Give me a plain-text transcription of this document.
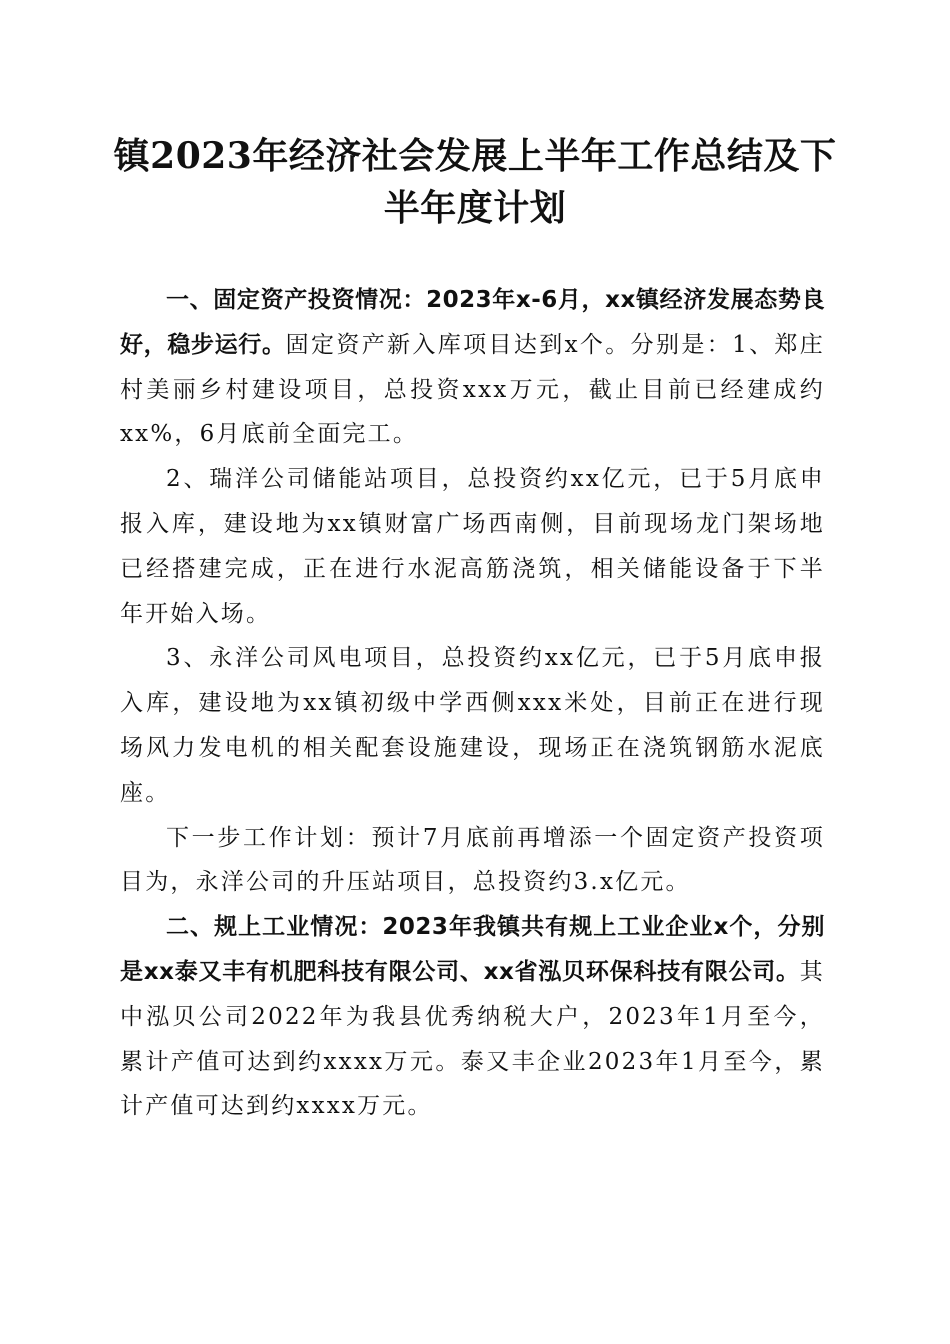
镇2023年经济社会发展上半年工作总结及下半年度计划

一、固定资产投资情况：2023年x-6月，xx镇经济发展态势良好，稳步运行。固定资产新入库项目达到x个。分别是：1、郑庄村美丽乡村建设项目，总投资xxx万元，截止目前已经建成约xx%，6月底前全面完工。

2、瑞洋公司储能站项目，总投资约xx亿元，已于5月底申报入库，建设地为xx镇财富广场西南侧，目前现场龙门架场地已经搭建完成，正在进行水泥高筋浇筑，相关储能设备于下半年开始入场。

3、永洋公司风电项目，总投资约xx亿元，已于5月底申报入库，建设地为xx镇初级中学西侧xxx米处，目前正在进行现场风力发电机的相关配套设施建设，现场正在浇筑钢筋水泥底座。

下一步工作计划：预计7月底前再增添一个固定资产投资项目为，永洋公司的升压站项目，总投资约3.x亿元。

二、规上工业情况：2023年我镇共有规上工业企业x个，分别是xx泰又丰有机肥科技有限公司、xx省泓贝环保科技有限公司。其中泓贝公司2022年为我县优秀纳税大户，2023年1月至今，累计产值可达到约xxxx万元。泰又丰企业2023年1月至今，累计产值可达到约xxxx万元。
